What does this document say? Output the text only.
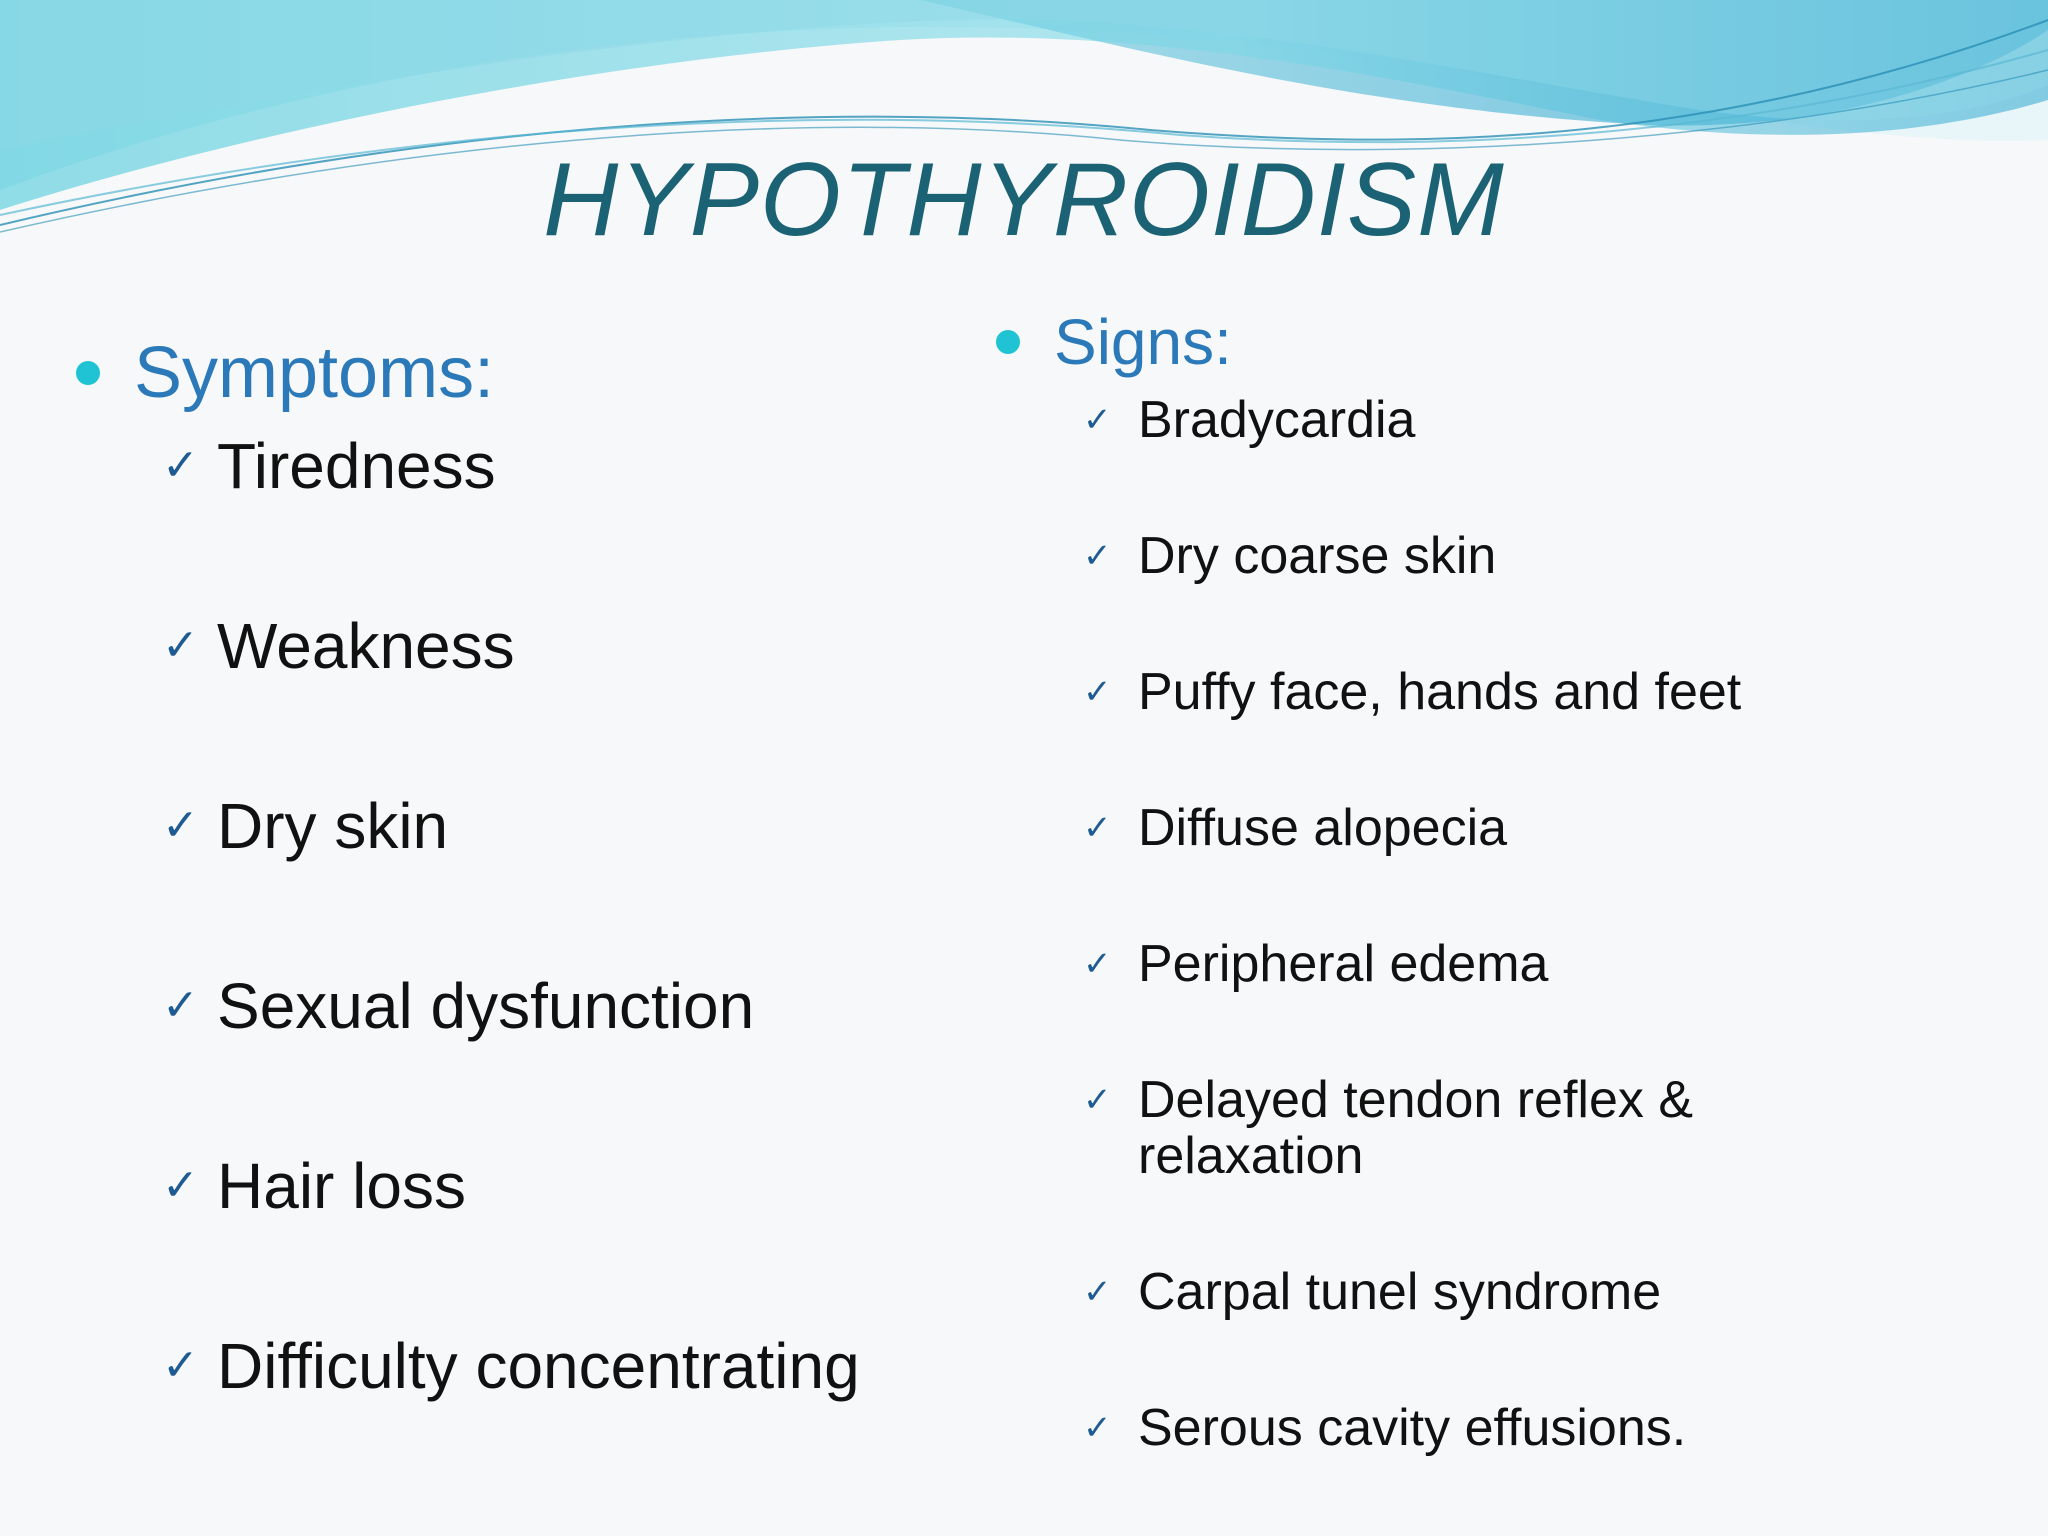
HYPOTHYROIDISM
Symptoms:
✓ Tiredness
✓ Weakness
✓ Dry skin
✓ Sexual dysfunction
✓ Hair loss
✓ Difficulty concentrating
Signs:
✓ Bradycardia
✓ Dry coarse skin
✓ Puffy face, hands and feet
✓ Diffuse alopecia
✓ Peripheral edema
✓ Delayed tendon reflex & relaxation
✓ Carpal tunel syndrome
✓ Serous cavity effusions.
